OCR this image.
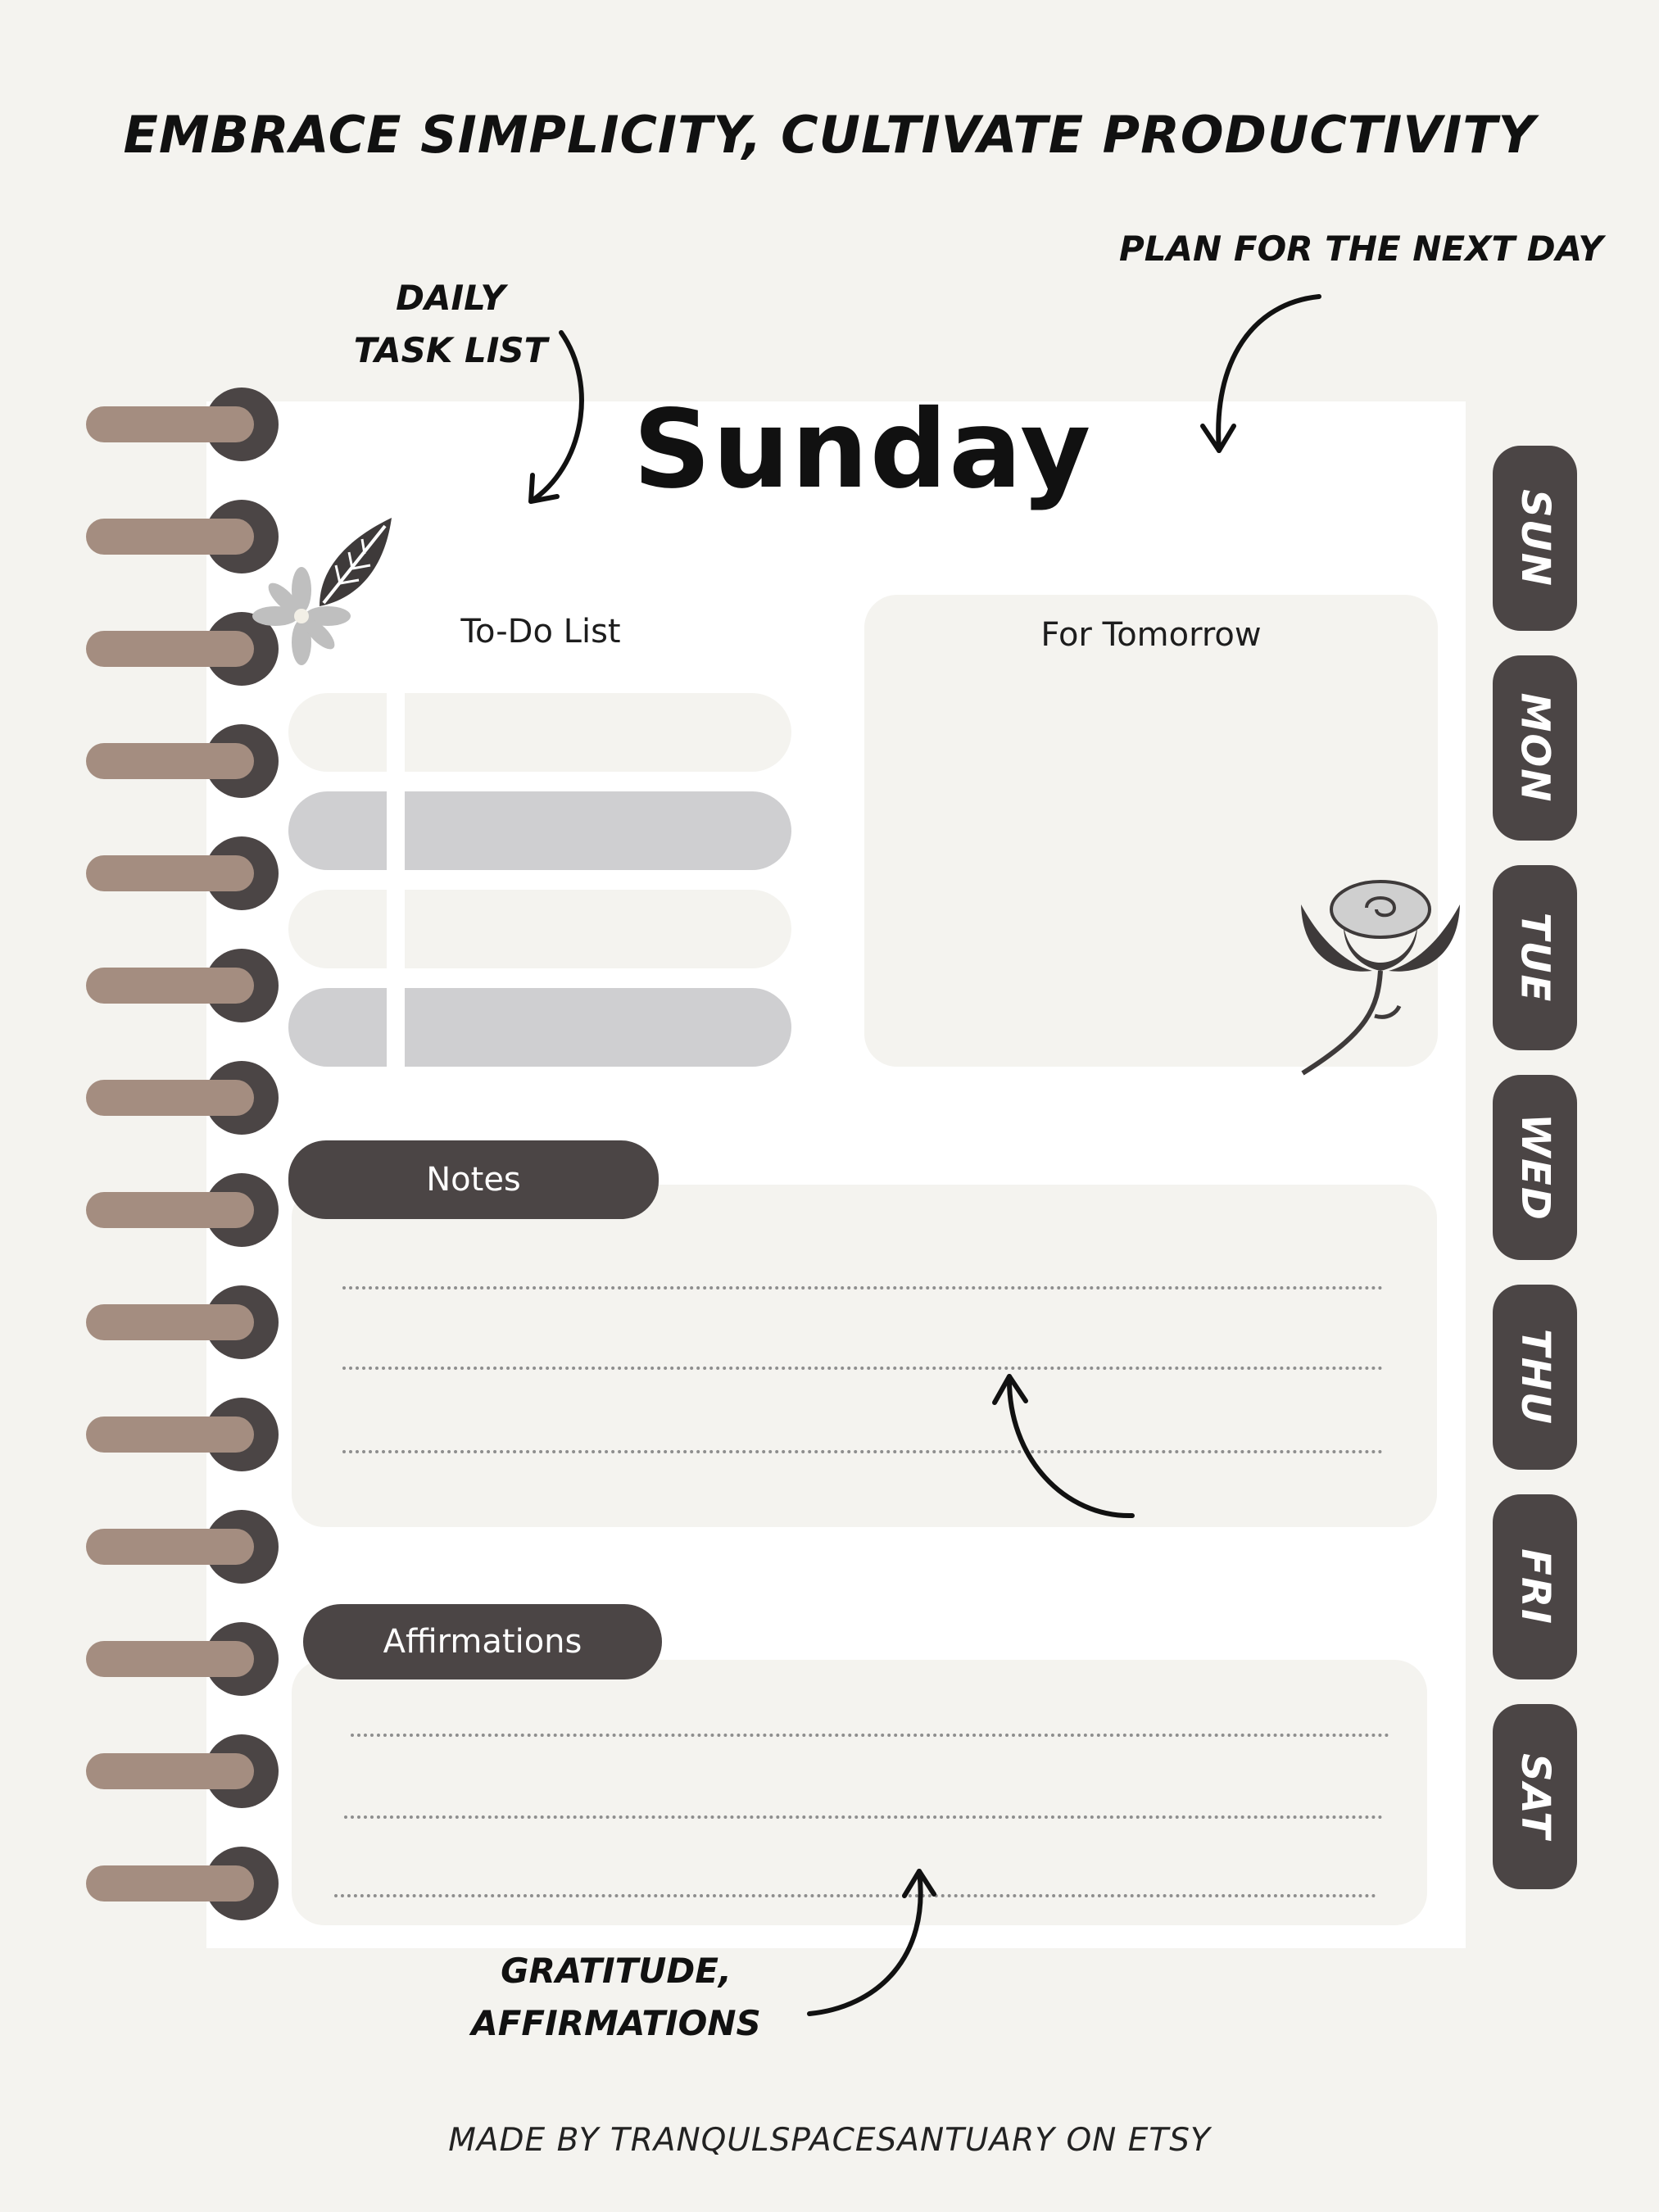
EMBRACE SIMPLICITY, CULTIVATE PRODUCTIVITY
DAILY
TASK LIST
PLAN FOR THE NEXT DAY
GRATITUDE,
AFFIRMATIONS
Sunday
To-Do List	For Tomorrow
Notes
Affirmations
SUN
MON
TUE
WED
THU
FRI
SAT
MADE BY TRANQULSPACESANTUARY ON ETSY
